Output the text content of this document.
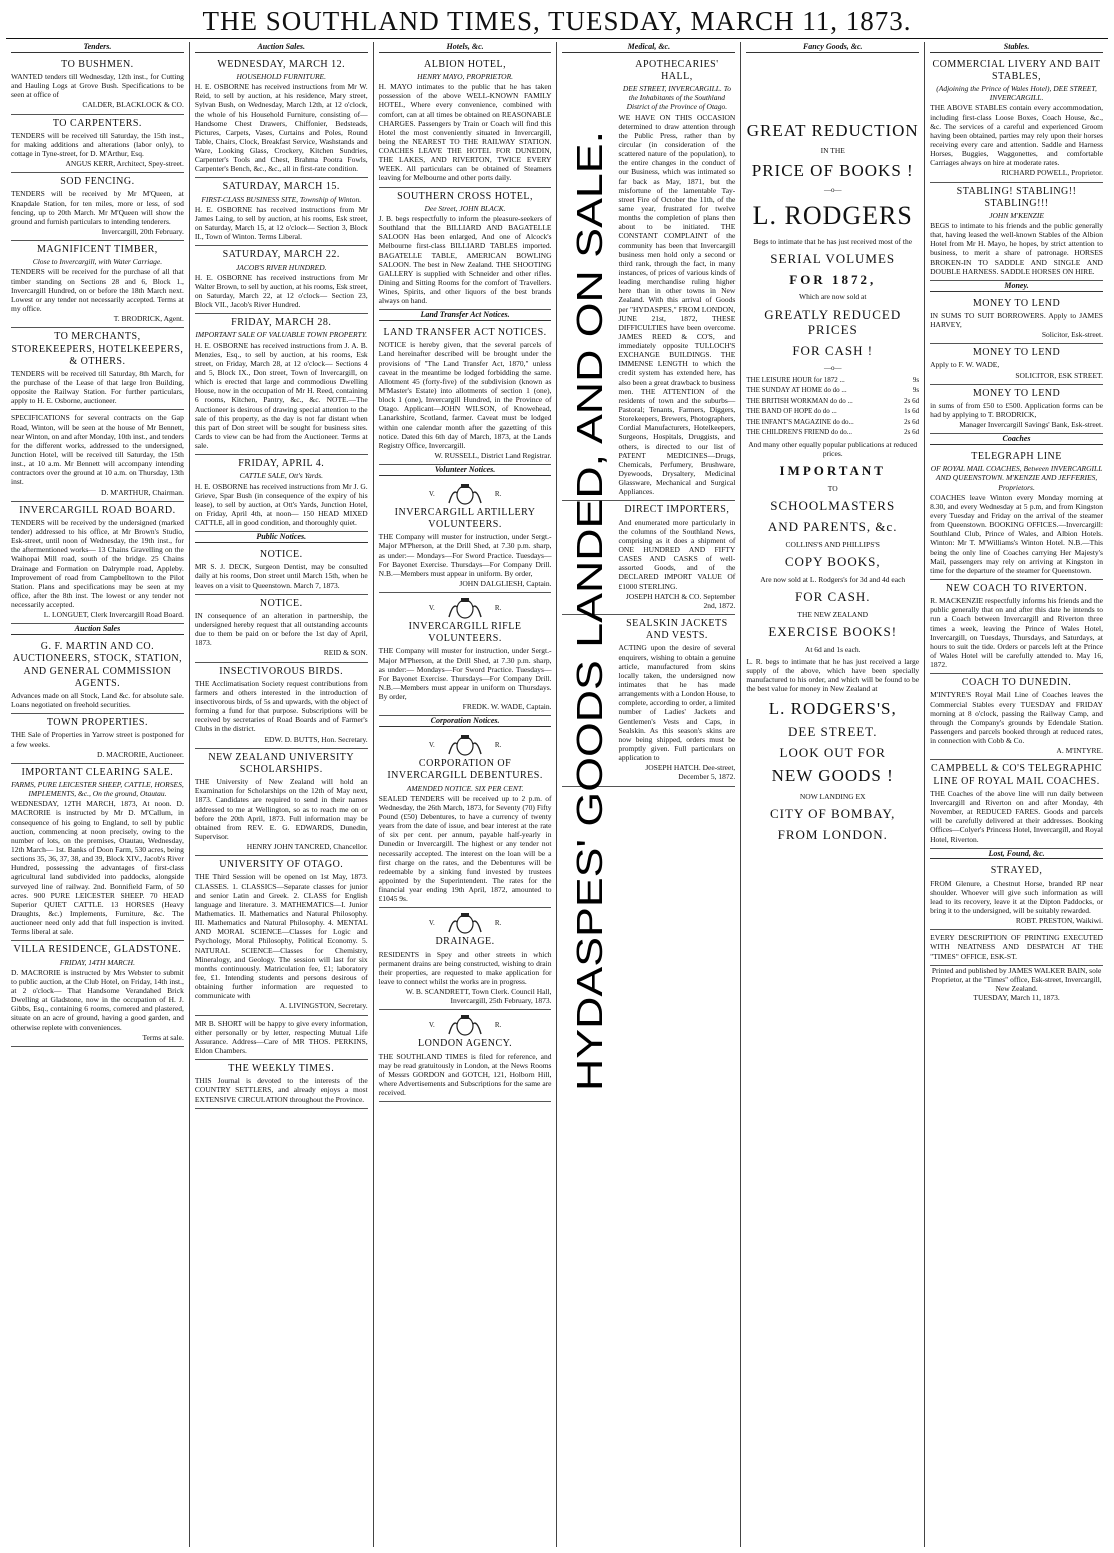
THE SOUTHLAND TIMES, TUESDAY, MARCH 11, 1873.
Tenders.
TO BUSHMEN.
WANTED tenders till Wednesday, 12th inst., for Cutting and Hauling Logs at Grove Bush. Specifications to be seen at office of
CALDER, BLACKLOCK & CO.
TO CARPENTERS.
TENDERS will be received till Saturday, the 15th inst., for making additions and alterations (labor only), to cottage in Tyne-street, for D. M'Arthur, Esq.
ANGUS KERR, Architect, Spey-street.
SOD FENCING.
TENDERS will be received by Mr M'Queen, at Knapdale Station, for ten miles, more or less, of sod fencing, up to 20th March. Mr M'Queen will show the ground and furnish particulars to intending tenderers.
Invercargill, 20th February.
MAGNIFICENT TIMBER,
Close to Invercargill, with Water Carriage.
TENDERS will be received for the purchase of all that timber standing on Sections 28 and 6, Block 1., Invercargill Hundred, on or before the 18th March next. Lowest or any tender not necessarily accepted. Terms at my office.
T. BRODRICK, Agent.
TO MERCHANTS, STOREKEEPERS, HOTELKEEPERS, & OTHERS.
TENDERS will be received till Saturday, 8th March, for the purchase of the Lease of that large Iron Building, opposite the Railway Station. For further particulars, apply to H. E. Osborne, auctioneer.
SPECIFICATIONS for several contracts on the Gap Road, Winton, will be seen at the house of Mr Bennett, near Winton, on and after Monday, 10th inst., and tenders for the different works, addressed to the undersigned, Junction Hotel, will be received till Saturday, the 15th inst., at 10 a.m. Mr Bennett will accompany intending contractors over the ground at 10 a.m. on Thursday, 13th inst.
D. M'ARTHUR, Chairman.
INVERCARGILL ROAD BOARD.
TENDERS will be received by the undersigned (marked tender) addressed to his office, at Mr Brown's Studio, Esk-street, until noon of Wednesday, the 19th inst., for the aftermentioned works— 13 Chains Gravelling on the Waihopai Mill road, south of the bridge. 25 Chains Drainage and Formation on Dalrymple road, Appleby. Improvement of road from Campbelltown to the Pilot Station. Plans and specifications may be seen at my office, after the 8th inst. The lowest or any tender not necessarily accepted.
L. LONGUET, Clerk Invercargill Road Board.
Auction Sales
G. F. MARTIN AND CO. AUCTIONEERS, STOCK, STATION, AND GENERAL COMMISSION AGENTS.
Advances made on all Stock, Land &c. for absolute sale. Loans negotiated on freehold securities.
TOWN PROPERTIES.
THE Sale of Properties in Yarrow street is postponed for a few weeks.
D. MACRORIE, Auctioneer.
IMPORTANT CLEARING SALE.
FARMS, PURE LEICESTER SHEEP, CATTLE, HORSES, IMPLEMENTS, &c., On the ground, Otautau.
WEDNESDAY, 12TH MARCH, 1873, At noon. D. MACRORIE is instructed by Mr D. M'Callum, in consequence of his going to England, to sell by public auction, commencing at noon precisely, owing to the number of lots, on the premises, Otautau, Wednesday, 12th March— 1st. Banks of Doon Farm, 530 acres, being sections 35, 36, 37, 38, and 39, Block XIV., Jacob's River Hundred, possessing the advantages of first-class agricultural land subdivided into paddocks, alongside surveyed line of railway. 2nd. Bonnifield Farm, of 50 acres. 900 PURE LEICESTER SHEEP. 70 HEAD Superior QUIET CATTLE. 13 HORSES (Heavy Draughts, &c.) Implements, Furniture, &c. The auctioneer need only add that full inspection is invited. Terms liberal at sale.
VILLA RESIDENCE, GLADSTONE.
FRIDAY, 14TH MARCH.
D. MACRORIE is instructed by Mrs Webster to submit to public auction, at the Club Hotel, on Friday, 14th inst., at 2 o'clock— That Handsome Verandahed Brick Dwelling at Gladstone, now in the occupation of H. J. Gibbs, Esq., containing 6 rooms, cornered and plastered, situate on an acre of ground, having a good garden, and otherwise replete with conveniences.
Terms at sale.
Auction Sales.
WEDNESDAY, MARCH 12.
HOUSEHOLD FURNITURE.
H. E. OSBORNE has received instructions from Mr W. Reid, to sell by auction, at his residence, Mary street, Sylvan Bush, on Wednesday, March 12th, at 12 o'clock, the whole of his Household Furniture, consisting of— Handsome Chest Drawers, Chiffonier, Bedsteads, Pictures, Carpets, Vases, Curtains and Poles, Round Table, Chairs, Clock, Breakfast Service, Washstands and Ware, Looking Glass, Crockery, Kitchen Sundries, Carpenter's Tools and Chest, Brahma Pootra Fowls, Carpenter's Bench, &c., &c., all in first-rate condition.
SATURDAY, MARCH 15.
FIRST-CLASS BUSINESS SITE, Township of Winton.
H. E. OSBORNE has received instructions from Mr James Laing, to sell by auction, at his rooms, Esk street, on Saturday, March 15, at 12 o'clock— Section 3, Block II., Town of Winton. Terms Liberal.
SATURDAY, MARCH 22.
JACOB'S RIVER HUNDRED.
H. E. OSBORNE has received instructions from Mr Walter Brown, to sell by auction, at his rooms, Esk street, on Saturday, March 22, at 12 o'clock— Section 23, Block VII., Jacob's River Hundred.
FRIDAY, MARCH 28.
IMPORTANT SALE OF VALUABLE TOWN PROPERTY.
H. E. OSBORNE has received instructions from J. A. B. Menzies, Esq., to sell by auction, at his rooms, Esk street, on Friday, March 28, at 12 o'clock— Sections 4 and 5, Block IX., Don street, Town of Invercargill, on which is erected that large and commodious Dwelling House, now in the occupation of Mr H. Reed, containing 6 rooms, Kitchen, Pantry, &c., &c. NOTE.—The Auctioneer is desirous of drawing special attention to the sale of this property, as the day is not far distant when this part of Don street will be sought for business sites. Cards to view can be had from the Auctioneer. Terms at sale.
FRIDAY, APRIL 4.
CATTLE SALE, Ott's Yards.
H. E. OSBORNE has received instructions from Mr J. G. Grieve, Spar Bush (in consequence of the expiry of his lease), to sell by auction, at Ott's Yards, Junction Hotel, on Friday, April 4th, at noon— 150 HEAD MIXED CATTLE, all in good condition, and thoroughly quiet.
Public Notices.
NOTICE.
MR S. J. DECK, Surgeon Dentist, may be consulted daily at his rooms, Don street until March 15th, when he leaves on a visit to Queenstown. March 7, 1873.
NOTICE.
IN consequence of an alteration in partnership, the undersigned hereby request that all outstanding accounts due to them be paid on or before the 1st day of April, 1873.
REID & SON.
INSECTIVOROUS BIRDS.
THE Acclimatisation Society request contributions from farmers and others interested in the introduction of insectivorous birds, of 5s and upwards, with the object of forming a fund for that purpose. Subscriptions will be received by secretaries of Road Boards and of Farmer's Clubs in the district.
EDW. D. BUTTS, Hon. Secretary.
NEW ZEALAND UNIVERSITY SCHOLARSHIPS.
THE University of New Zealand will hold an Examination for Scholarships on the 12th of May next, 1873. Candidates are required to send in their names addressed to me at Wellington, so as to reach me on or before the 20th April, 1873. Full information may be obtained from REV. E. G. EDWARDS, Dunedin, Supervisor.
HENRY JOHN TANCRED, Chancellor.
UNIVERSITY OF OTAGO.
THE Third Session will be opened on 1st May, 1873. CLASSES. 1. CLASSICS—Separate classes for junior and senior Latin and Greek. 2. CLASS for English language and literature. 3. MATHEMATICS—I. Junior Mathematics. II. Mathematics and Natural Philosophy. III. Mathematics and Natural Philosophy. 4. MENTAL AND MORAL SCIENCE—Classes for Logic and Psychology, Moral Philosophy, Political Economy. 5. NATURAL SCIENCE—Classes for Chemistry, Mineralogy, and Geology. The session will last for six months continuously. Matriculation fee, £1; laboratory fee, £1. Intending students and persons desirous of obtaining further information are requested to communicate with
A. LIVINGSTON, Secretary.
MR B. SHORT will be happy to give every information, either personally or by letter, respecting Mutual Life Assurance. Address—Care of MR THOS. PERKINS, Eldon Chambers.
THE WEEKLY TIMES.
THIS Journal is devoted to the interests of the COUNTRY SETTLERS, and already enjoys a most EXTENSIVE CIRCULATION throughout the Province.
Hotels, &c.
ALBION HOTEL,
HENRY MAYO, PROPRIETOR.
H. MAYO intimates to the public that he has taken possession of the above WELL-KNOWN FAMILY HOTEL, Where every convenience, combined with comfort, can at all times be obtained on REASONABLE CHARGES. Passengers by Train or Coach will find this Hotel the most conveniently situated in Invercargill, being the NEAREST TO THE RAILWAY STATION. COACHES LEAVE THE HOTEL FOR DUNEDIN, THE LAKES, AND RIVERTON, TWICE EVERY WEEK. All particulars can be obtained of Steamers leaving for Melbourne and other ports daily.
SOUTHERN CROSS HOTEL,
Dee Street, JOHN BLACK.
J. B. begs respectfully to inform the pleasure-seekers of Southland that the BILLIARD AND BAGATELLE SALOON Has been enlarged, And one of Alcock's Melbourne first-class BILLIARD TABLES imported. BAGATELLE TABLE, AMERICAN BOWLING SALOON. The best in New Zealand. THE SHOOTING GALLERY is supplied with Schneider and other rifles. Dining and Sitting Rooms for the comfort of Travellers. Wines, Spirits, and other liquors of the best brands always on hand.
Land Transfer Act Notices.
LAND TRANSFER ACT NOTICES.
NOTICE is hereby given, that the several parcels of Land hereinafter described will be brought under the provisions of "The Land Transfer Act, 1870," unless caveat in the meantime be lodged forbidding the same. Allotment 45 (forty-five) of the subdivision (known as M'Master's Estate) into allotments of section 1 (one), block 1 (one), Invercargill Hundred, in the Province of Otago. Applicant—JOHN WILSON, of Knowehead, Lanarkshire, Scotland, farmer. Caveat must be lodged within one calendar month after the gazetting of this notice. Dated this 6th day of March, 1873, at the Lands Registry Office, Invercargill.
W. RUSSELL, District Land Registrar.
Volunteer Notices.
V.	R.
INVERCARGILL ARTILLERY VOLUNTEERS.
THE Company will muster for instruction, under Sergt.-Major M'Pherson, at the Drill Shed, at 7.30 p.m. sharp, as under:— Mondays—For Sword Practice. Tuesdays—For Bayonet Exercise. Thursdays—For Company Drill. N.B.—Members must appear in uniform. By order,
JOHN DALGLIESH, Captain.
V.	R.
INVERCARGILL RIFLE VOLUNTEERS.
THE Company will muster for instruction, under Sergt.-Major M'Pherson, at the Drill Shed, at 7.30 p.m. sharp, as under:— Mondays—For Sword Practice. Tuesdays—For Bayonet Exercise. Thursdays—For Company Drill. N.B.—Members must appear in uniform on Thursdays. By order,
FREDK. W. WADE, Captain.
Corporation Notices.
V.	R.
CORPORATION OF INVERCARGILL DEBENTURES.
AMENDED NOTICE. SIX PER CENT.
SEALED TENDERS will be received up to 2 p.m. of Wednesday, the 26th March, 1873, for Seventy (70) Fifty Pound (£50) Debentures, to have a currency of twenty years from the date of issue, and bear interest at the rate of six per cent. per annum, payable half-yearly in Dunedin or Invercargill. The highest or any tender not necessarily accepted. The interest on the loan will be a first charge on the rates, and the Debentures will be redeemable by a sinking fund invested by trustees appointed by the Superintendent. The rates for the financial year ending 19th April, 1872, amounted to £1045 9s.
V.	R.
DRAINAGE.
RESIDENTS in Spey and other streets in which permanent drains are being constructed, wishing to drain their properties, are requested to make application for leave to connect whilst the works are in progress.
W. B. SCANDRETT, Town Clerk. Council Hall, Invercargill, 25th February, 1873.
V.	R.
LONDON AGENCY.
THE SOUTHLAND TIMES is filed for reference, and may be read gratuitously in London, at the News Rooms of Messrs GORDON and GOTCH, 121, Holborn Hill, where Advertisements and Subscriptions for the same are received.
Medical, &c.
HYDASPES' GOODS LANDED, AND ON SALE.
APOTHECARIES' HALL,
DEE STREET, INVERCARGILL. To the Inhabitants of the Southland District of the Province of Otago.
WE HAVE ON THIS OCCASION determined to draw attention through the Public Press, rather than by circular (in consideration of the scattered nature of the population), to the entire changes in the conduct of our Business, which was intimated so far back as May, 1871, but the misfortune of the lamentable Tay-street Fire of October the 11th, of the same year, frustrated for twelve months the completion of plans then about to be initiated. THE CONSTANT COMPLAINT of the community has been that Invercargill business men hold only a second or third rank, through the fact, in many instances, of prices of various kinds of leading merchandise ruling higher here than in other towns in New Zealand. With this arrival of Goods per "HYDASPES," FROM LONDON, JUNE 21st, 1872, THESE DIFFICULTIES have been overcome. JAMES REED & CO'S, and immediately opposite TULLOCH'S EXCHANGE BUILDINGS. THE IMMENSE LENGTH to which the credit system has extended here, has also been a great drawback to business men. THE ATTENTION of the residents of town and the suburbs— Pastoral; Tenants, Farmers, Diggers, Storekeepers, Brewers, Photographers, Cordial Manufacturers, Hotelkeepers, Surgeons, Hospitals, Druggists, and others, is directed to our list of PATENT MEDICINES—Drugs, Chemicals, Perfumery, Brushware, Dyewoods, Drysaltery, Medicinal Glassware, Mechanical and Surgical Appliances.
DIRECT IMPORTERS,
And enumerated more particularly in the columns of the Southland News, comprising as it does a shipment of ONE HUNDRED AND FIFTY CASES AND CASKS of well-assorted Goods, and of the DECLARED IMPORT VALUE Of £1000 STERLING.
JOSEPH HATCH & CO. September 2nd, 1872.
SEALSKIN JACKETS AND VESTS.
ACTING upon the desire of several enquirers, wishing to obtain a genuine article, manufactured from skins locally taken, the undersigned now intimates that he has made arrangements with a London House, to complete, according to order, a limited number of Ladies' Jackets and Gentlemen's Vests and Caps, in Sealskin. As this season's skins are now being shipped, orders must be promptly given. Full particulars on application to
JOSEPH HATCH. Dee-street, December 5, 1872.
Fancy Goods, &c.
GREAT REDUCTION
IN THE
PRICE OF BOOKS !
—o—
L. RODGERS
Begs to intimate that he has just received most of the
SERIAL VOLUMES
FOR 1872,
Which are now sold at
GREATLY REDUCED PRICES
FOR CASH !
—o—
THE LEISURE HOUR for 1872 ...	9s
THE SUNDAY AT HOME do do ...	9s
THE BRITISH WORKMAN do do ...	2s 6d
THE BAND OF HOPE do do ...	1s 6d
THE INFANT'S MAGAZINE do do...	2s 6d
THE CHILDREN'S FRIEND do do...	2s 6d
And many other equally popular publications at reduced prices.
IMPORTANT
TO
SCHOOLMASTERS
AND PARENTS, &c.
COLLINS'S AND PHILLIPS'S
COPY BOOKS,
Are now sold at L. Rodgers's for 3d and 4d each
FOR CASH.
THE NEW ZEALAND
EXERCISE BOOKS!
At 6d and 1s each.
L. R. begs to intimate that he has just received a large supply of the above, which have been specially manufactured to his order, and which will be found to be the best value for money in New Zealand at
L. RODGERS'S,
DEE STREET.
LOOK OUT FOR
NEW GOODS !
NOW LANDING EX
CITY OF BOMBAY,
FROM LONDON.
Stables.
COMMERCIAL LIVERY AND BAIT STABLES,
(Adjoining the Prince of Wales Hotel), DEE STREET, INVERCARGILL.
THE ABOVE STABLES contain every accommodation, including first-class Loose Boxes, Coach House, &c., &c. The services of a careful and experienced Groom having been obtained, parties may rely upon their horses receiving every care and attention. Saddle and Harness Horses, Buggies, Waggonettes, and comfortable Carriages always on hire at moderate rates.
RICHARD POWELL, Proprietor.
STABLING! STABLING!! STABLING!!!
JOHN M'KENZIE
BEGS to intimate to his friends and the public generally that, having leased the well-known Stables of the Albion Hotel from Mr H. Mayo, he hopes, by strict attention to business, to merit a share of patronage. HORSES BROKEN-IN TO SADDLE AND SINGLE AND DOUBLE HARNESS. SADDLE HORSES ON HIRE.
Money.
MONEY TO LEND
IN SUMS TO SUIT BORROWERS. Apply to JAMES HARVEY,
Solicitor, Esk-street.
MONEY TO LEND
Apply to F. W. WADE,
SOLICITOR, ESK STREET.
MONEY TO LEND
in sums of from £50 to £500. Application forms can be had by applying to T. BRODRICK,
Manager Invercargill Savings' Bank, Esk-street.
Coaches
TELEGRAPH LINE
OF ROYAL MAIL COACHES, Between INVERCARGILL AND QUEENSTOWN. M'KENZIE AND JEFFERIES, Proprietors.
COACHES leave Winton every Monday morning at 8.30, and every Wednesday at 5 p.m, and from Kingston every Tuesday and Friday on the arrival of the steamer from Queenstown. BOOKING OFFICES.—Invercargill: Southland Club, Prince of Wales, and Albion Hotels. Winton: Mr T. M'Williams's Winton Hotel. N.B.—This being the only line of Coaches carrying Her Majesty's Mail, passengers may rely on arriving at Kingston in time for the departure of the steamer for Queenstown.
NEW COACH TO RIVERTON.
R. MACKENZIE respectfully informs his friends and the public generally that on and after this date he intends to run a Coach between Invercargill and Riverton three times a week, leaving the Prince of Wales Hotel, Invercargill, on Tuesdays, Thursdays, and Saturdays, at hours to suit the tide. Orders or parcels left at the Prince of Wales Hotel will be carefully attended to. May 16, 1872.
COACH TO DUNEDIN.
M'INTYRE'S Royal Mail Line of Coaches leaves the Commercial Stables every TUESDAY and FRIDAY morning at 8 o'clock, passing the Railway Camp, and through the Company's grounds by Edendale Station. Passengers and parcels booked through at reduced rates, in connection with Cobb & Co.
A. M'INTYRE.
CAMPBELL & CO'S TELEGRAPHIC LINE OF ROYAL MAIL COACHES.
THE Coaches of the above line will run daily between Invercargill and Riverton on and after Monday, 4th November, at REDUCED FARES. Goods and parcels will be carefully delivered at their addresses. Booking Offices—Colyer's Princess Hotel, Invercargill, and Royal Hotel, Riverton.
Lost, Found, &c.
STRAYED,
FROM Glenure, a Chestnut Horse, branded RP near shoulder. Whoever will give such information as will lead to its recovery, leave it at the Dipton Paddocks, or bring it to the undersigned, will be suitably rewarded.
ROBT. PRESTON, Waikiwi.
EVERY DESCRIPTION OF PRINTING EXECUTED WITH NEATNESS AND DESPATCH AT THE "TIMES" OFFICE, ESK-ST.
Printed and published by JAMES WALKER BAIN, sole Proprietor, at the "Times" office, Esk-street, Invercargill, New Zealand.
TUESDAY, March 11, 1873.
